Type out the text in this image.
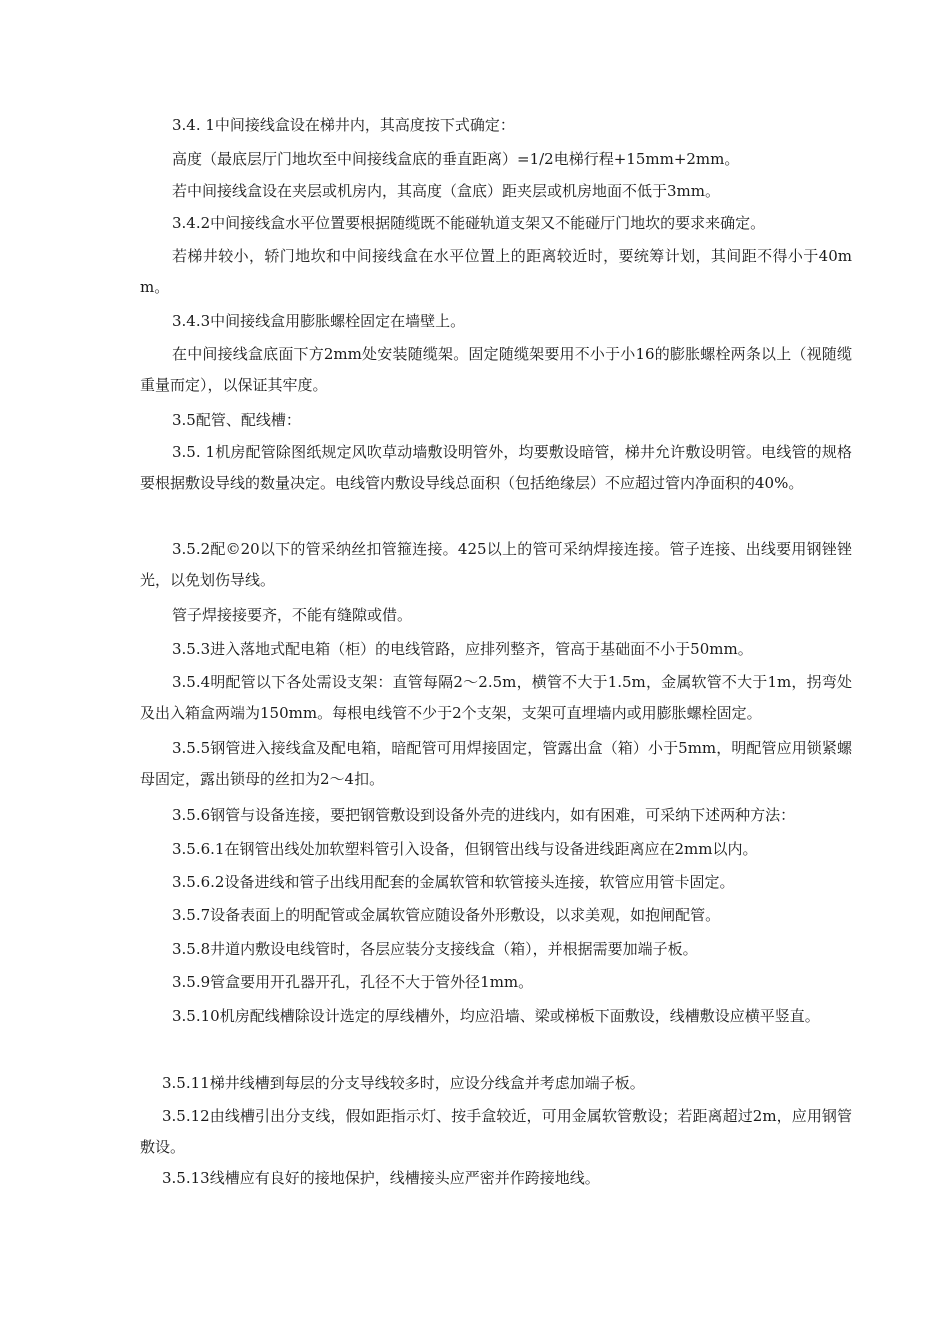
3.4. 1中间接线盒设在梯井内，其高度按下式确定：

高度（最底层厅门地坎至中间接线盒底的垂直距离）=1/2电梯行程+15mm+2mm。

若中间接线盒设在夹层或机房内，其高度（盒底）距夹层或机房地面不低于3mm。

3.4.2中间接线盒水平位置要根据随缆既不能碰轨道支架又不能碰厅门地坎的要求来确定。

若梯井较小，轿门地坎和中间接线盒在水平位置上的距离较近时，要统筹计划，其间距不得小于40mm。

3.4.3中间接线盒用膨胀螺栓固定在墙壁上。

在中间接线盒底面下方2mm处安装随缆架。固定随缆架要用不小于小16的膨胀螺栓两条以上（视随缆重量而定），以保证其牢度。

3.5配管、配线槽：

3.5. 1机房配管除图纸规定风吹草动墙敷设明管外，均要敷设暗管，梯井允许敷设明管。电线管的规格要根据敷设导线的数量决定。电线管内敷设导线总面积（包括绝缘层）不应超过管内净面积的40%。

3.5.2配©20以下的管采纳丝扣管箍连接。425以上的管可采纳焊接连接。管子连接、出线要用钢锉锉光，以免划伤导线。

管子焊接接要齐，不能有缝隙或借。

3.5.3进入落地式配电箱（柜）的电线管路，应排列整齐，管高于基础面不小于50mm。

3.5.4明配管以下各处需设支架：直管每隔2〜2.5m，横管不大于1.5m，金属软管不大于1m，拐弯处及出入箱盒两端为150mm。每根电线管不少于2个支架，支架可直埋墙内或用膨胀螺栓固定。

3.5.5钢管进入接线盒及配电箱，暗配管可用焊接固定，管露出盒（箱）小于5mm，明配管应用锁紧螺母固定，露出锁母的丝扣为2〜4扣。

3.5.6钢管与设备连接，要把钢管敷设到设备外壳的进线内，如有困难，可采纳下述两种方法：

3.5.6.1在钢管出线处加软塑料管引入设备，但钢管出线与设备进线距离应在2mm以内。

3.5.6.2设备进线和管子出线用配套的金属软管和软管接头连接，软管应用管卡固定。

3.5.7设备表面上的明配管或金属软管应随设备外形敷设，以求美观，如抱闸配管。

3.5.8井道内敷设电线管时，各层应装分支接线盒（箱），并根据需要加端子板。

3.5.9管盒要用开孔器开孔，孔径不大于管外径1mm。

3.5.10机房配线槽除设计选定的厚线槽外，均应沿墙、梁或梯板下面敷设，线槽敷设应横平竖直。

3.5.11梯井线槽到每层的分支导线较多时，应设分线盒并考虑加端子板。

3.5.12由线槽引出分支线，假如距指示灯、按手盒较近，可用金属软管敷设；若距离超过2m，应用钢管敷设。

3.5.13线槽应有良好的接地保护，线槽接头应严密并作跨接地线。
